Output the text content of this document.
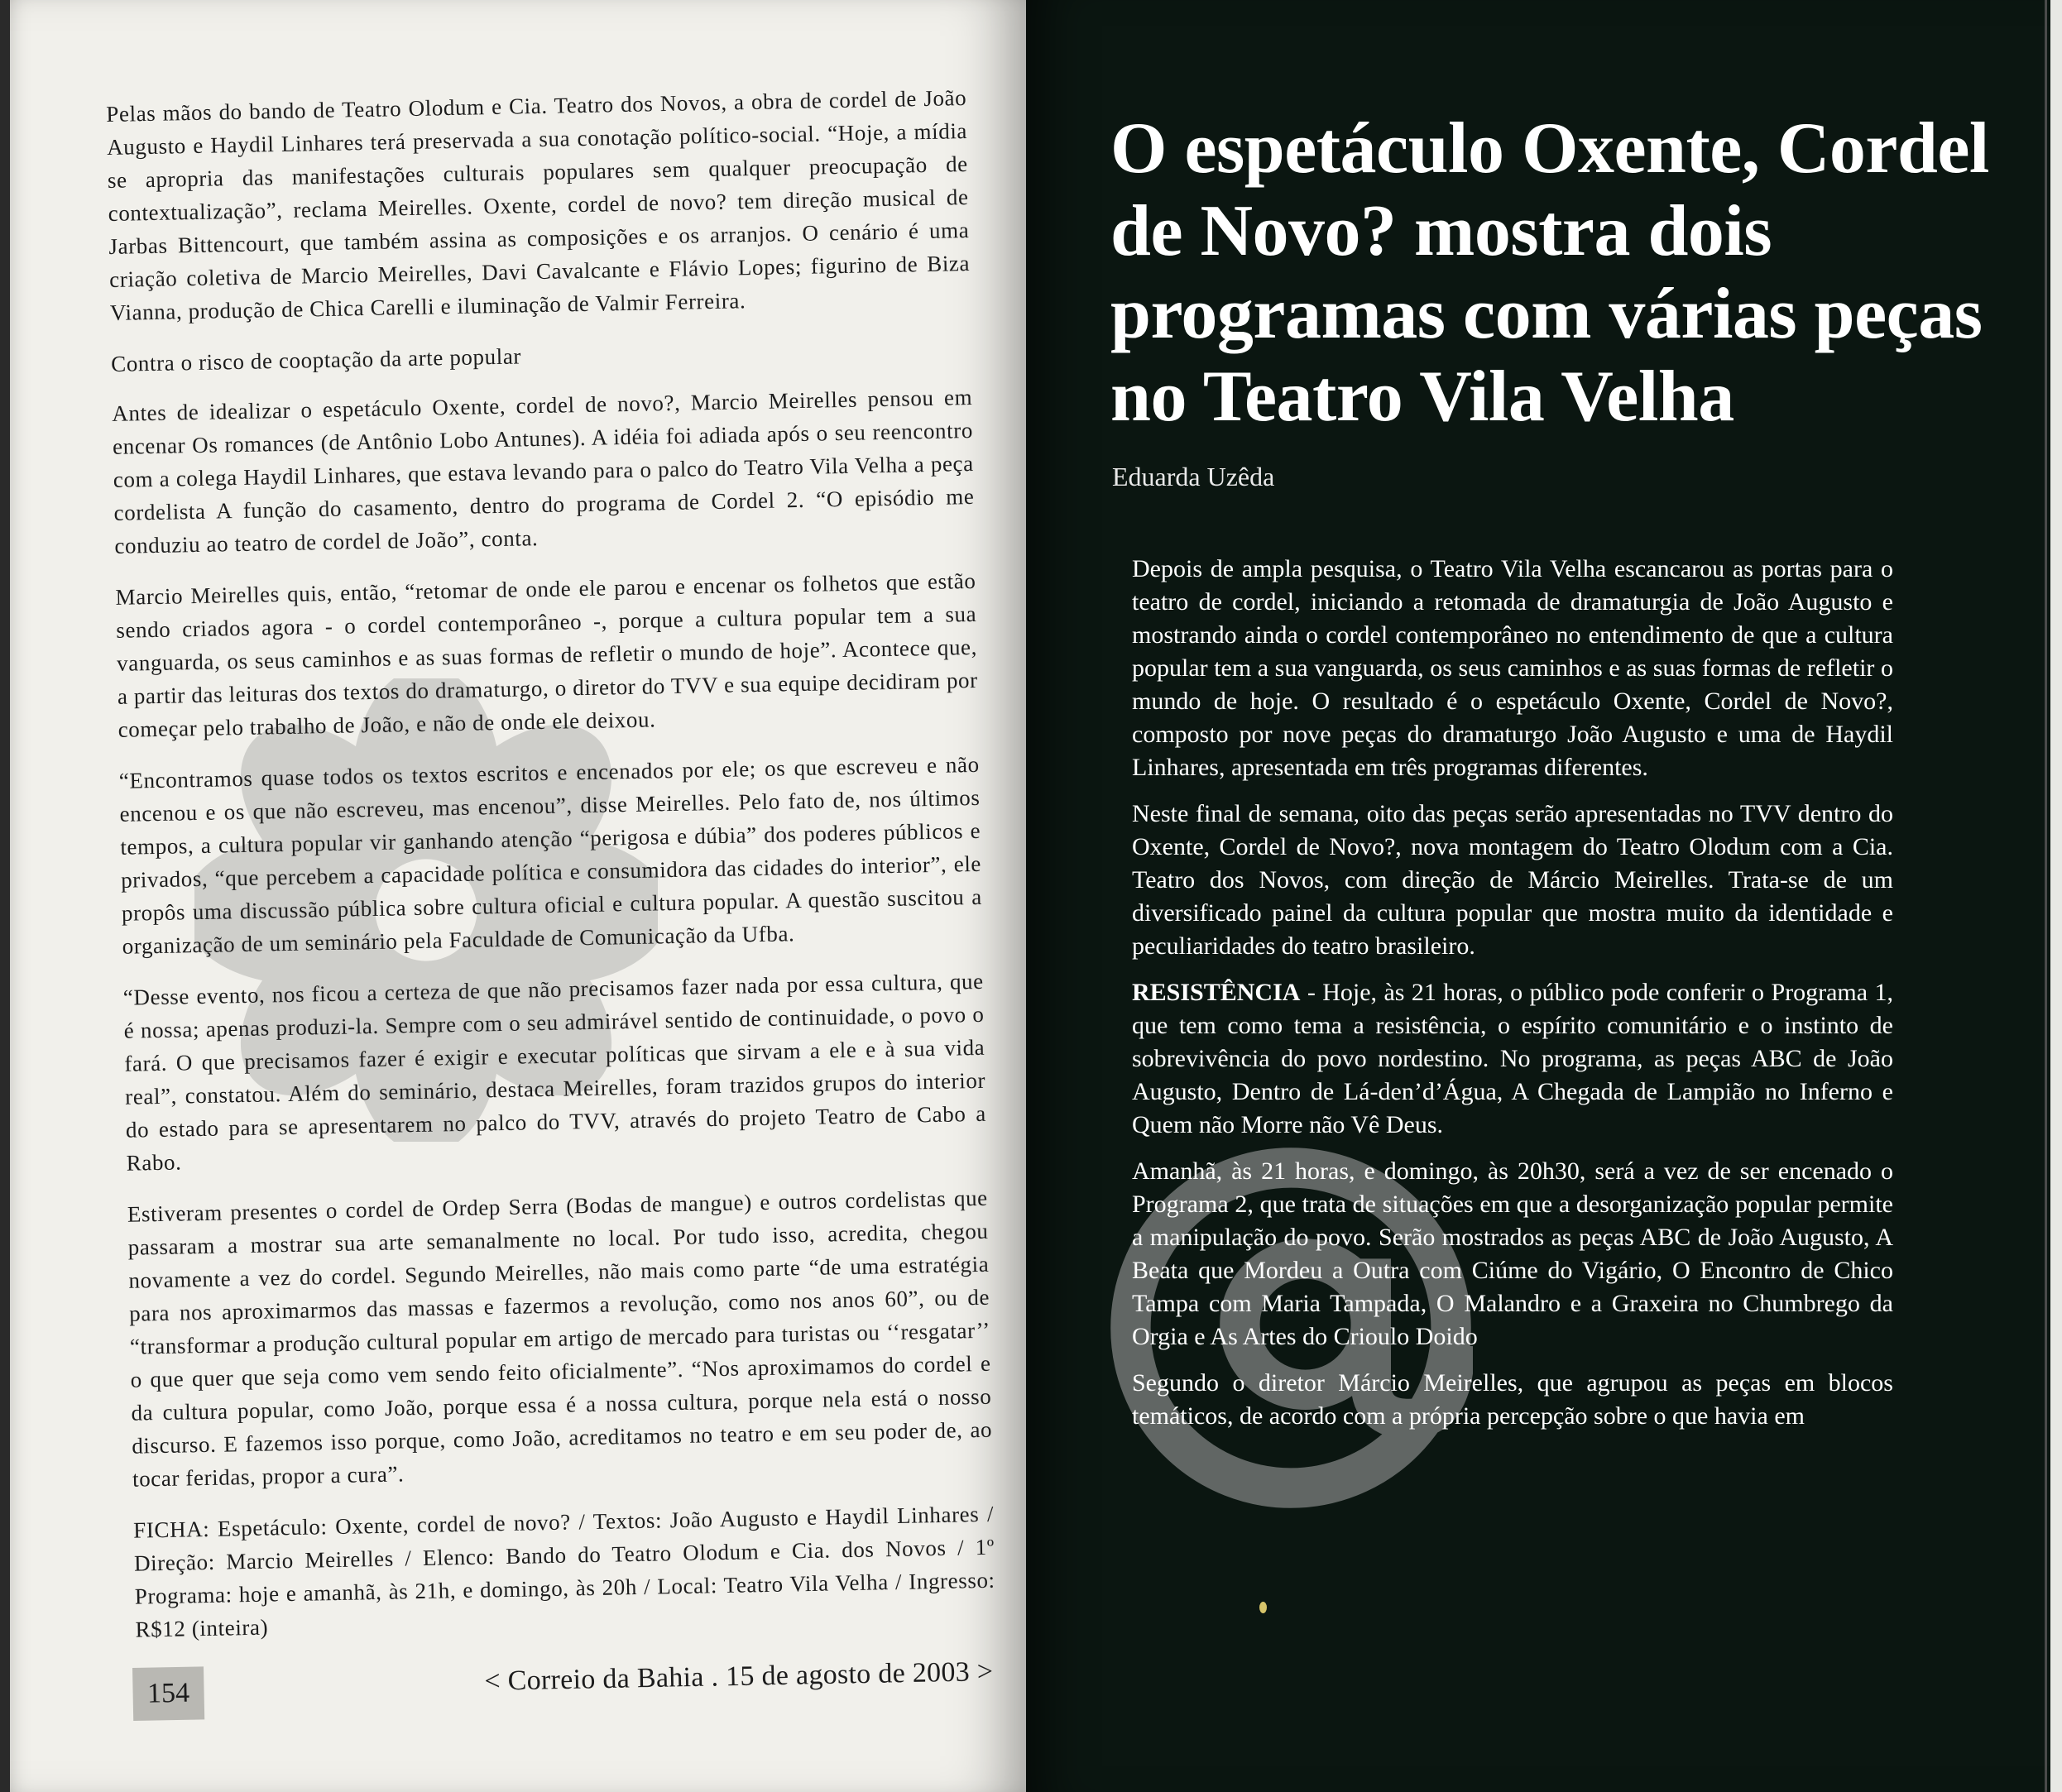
Pelas mãos do bando de Teatro Olodum e Cia. Teatro dos Novos, a obra de cordel de João Augusto e Haydil Linhares terá preservada a sua conotação político-social. “Hoje, a mídia se apropria das manifestações culturais populares sem qualquer preocupação de contextualização”, reclama Meirelles. Oxente, cordel de novo? tem direção musical de Jarbas Bittencourt, que também assina as composições e os arranjos. O cenário é uma criação coletiva de Marcio Meirelles, Davi Cavalcante e Flávio Lopes; figurino de Biza Vianna, produção de Chica Carelli e iluminação de Valmir Ferreira.

Contra o risco de cooptação da arte popular

Antes de idealizar o espetáculo Oxente, cordel de novo?, Marcio Meirelles pensou em encenar Os romances (de Antônio Lobo Antunes). A idéia foi adiada após o seu reencontro com a colega Haydil Linhares, que estava levando para o palco do Teatro Vila Velha a peça cordelista A função do casamento, dentro do programa de Cordel 2. “O episódio me conduziu ao teatro de cordel de João”, conta.

Marcio Meirelles quis, então, “retomar de onde ele parou e encenar os folhetos que estão sendo criados agora - o cordel contemporâneo -, porque a cultura popular tem a sua vanguarda, os seus caminhos e as suas formas de refletir o mundo de hoje”. Acontece que, a partir das leituras dos textos do dramaturgo, o diretor do TVV e sua equipe decidiram por começar pelo trabalho de João, e não de onde ele deixou.

“Encontramos quase todos os textos escritos e encenados por ele; os que escreveu e não encenou e os que não escreveu, mas encenou”, disse Meirelles. Pelo fato de, nos últimos tempos, a cultura popular vir ganhando atenção “perigosa e dúbia” dos poderes públicos e privados, “que percebem a capacidade política e consumidora das cidades do interior”, ele propôs uma discussão pública sobre cultura oficial e cultura popular. A questão suscitou a organização de um seminário pela Faculdade de Comunicação da Ufba.

“Desse evento, nos ficou a certeza de que não precisamos fazer nada por essa cultura, que é nossa; apenas produzi-la. Sempre com o seu admirável sentido de continuidade, o povo o fará. O que precisamos fazer é exigir e executar políticas que sirvam a ele e à sua vida real”, constatou. Além do seminário, destaca Meirelles, foram trazidos grupos do interior do estado para se apresentarem no palco do TVV, através do projeto Teatro de Cabo a Rabo.

Estiveram presentes o cordel de Ordep Serra (Bodas de mangue) e outros cordelistas que passaram a mostrar sua arte semanalmente no local. Por tudo isso, acredita, chegou novamente a vez do cordel. Segundo Meirelles, não mais como parte “de uma estratégia para nos aproximarmos das massas e fazermos a revolução, como nos anos 60”, ou de “transformar a produção cultural popular em artigo de mercado para turistas ou ‘‘resgatar’’ o que quer que seja como vem sendo feito oficialmente”. “Nos aproximamos do cordel e da cultura popular, como João, porque essa é a nossa cultura, porque nela está o nosso discurso. E fazemos isso porque, como João, acreditamos no teatro e em seu poder de, ao tocar feridas, propor a cura”.

FICHA: Espetáculo: Oxente, cordel de novo? / Textos: João Augusto e Haydil Linhares / Direção: Marcio Meirelles / Elenco: Bando do Teatro Olodum e Cia. dos Novos / 1º Programa: hoje e amanhã, às 21h, e domingo, às 20h / Local: Teatro Vila Velha / Ingresso: R$12 (inteira)

154	< Correio da Bahia . 15 de agosto de 2003 >
O espetáculo Oxente, Cordel de Novo? mostra dois programas com várias peças no Teatro Vila Velha
Eduarda Uzêda

Depois de ampla pesquisa, o Teatro Vila Velha escancarou as portas para o teatro de cordel, iniciando a retomada de dramaturgia de João Augusto e mostrando ainda o cordel contemporâneo no entendimento de que a cultura popular tem a sua vanguarda, os seus caminhos e as suas formas de refletir o mundo de hoje. O resultado é o espetáculo Oxente, Cordel de Novo?, composto por nove peças do dramaturgo João Augusto e uma de Haydil Linhares, apresentada em três programas diferentes.

Neste final de semana, oito das peças serão apresentadas no TVV dentro do Oxente, Cordel de Novo?, nova montagem do Teatro Olodum com a Cia. Teatro dos Novos, com direção de Márcio Meirelles. Trata-se de um diversificado painel da cultura popular que mostra muito da identidade e peculiaridades do teatro brasileiro.

RESISTÊNCIA - Hoje, às 21 horas, o público pode conferir o Programa 1, que tem como tema a resistência, o espírito comunitário e o instinto de sobrevivência do povo nordestino. No programa, as peças ABC de João Augusto, Dentro de Lá-den’d’Água, A Chegada de Lampião no Inferno e Quem não Morre não Vê Deus.

Amanhã, às 21 horas, e domingo, às 20h30, será a vez de ser encenado o Programa 2, que trata de situações em que a desorganização popular permite a manipulação do povo. Serão mostrados as peças ABC de João Augusto, A Beata que Mordeu a Outra com Ciúme do Vigário, O Encontro de Chico Tampa com Maria Tampada, O Malandro e a Graxeira no Chumbrego da Orgia e As Artes do Crioulo Doido

Segundo o diretor Márcio Meirelles, que agrupou as peças em blocos temáticos, de acordo com a própria percepção sobre o que havia em
